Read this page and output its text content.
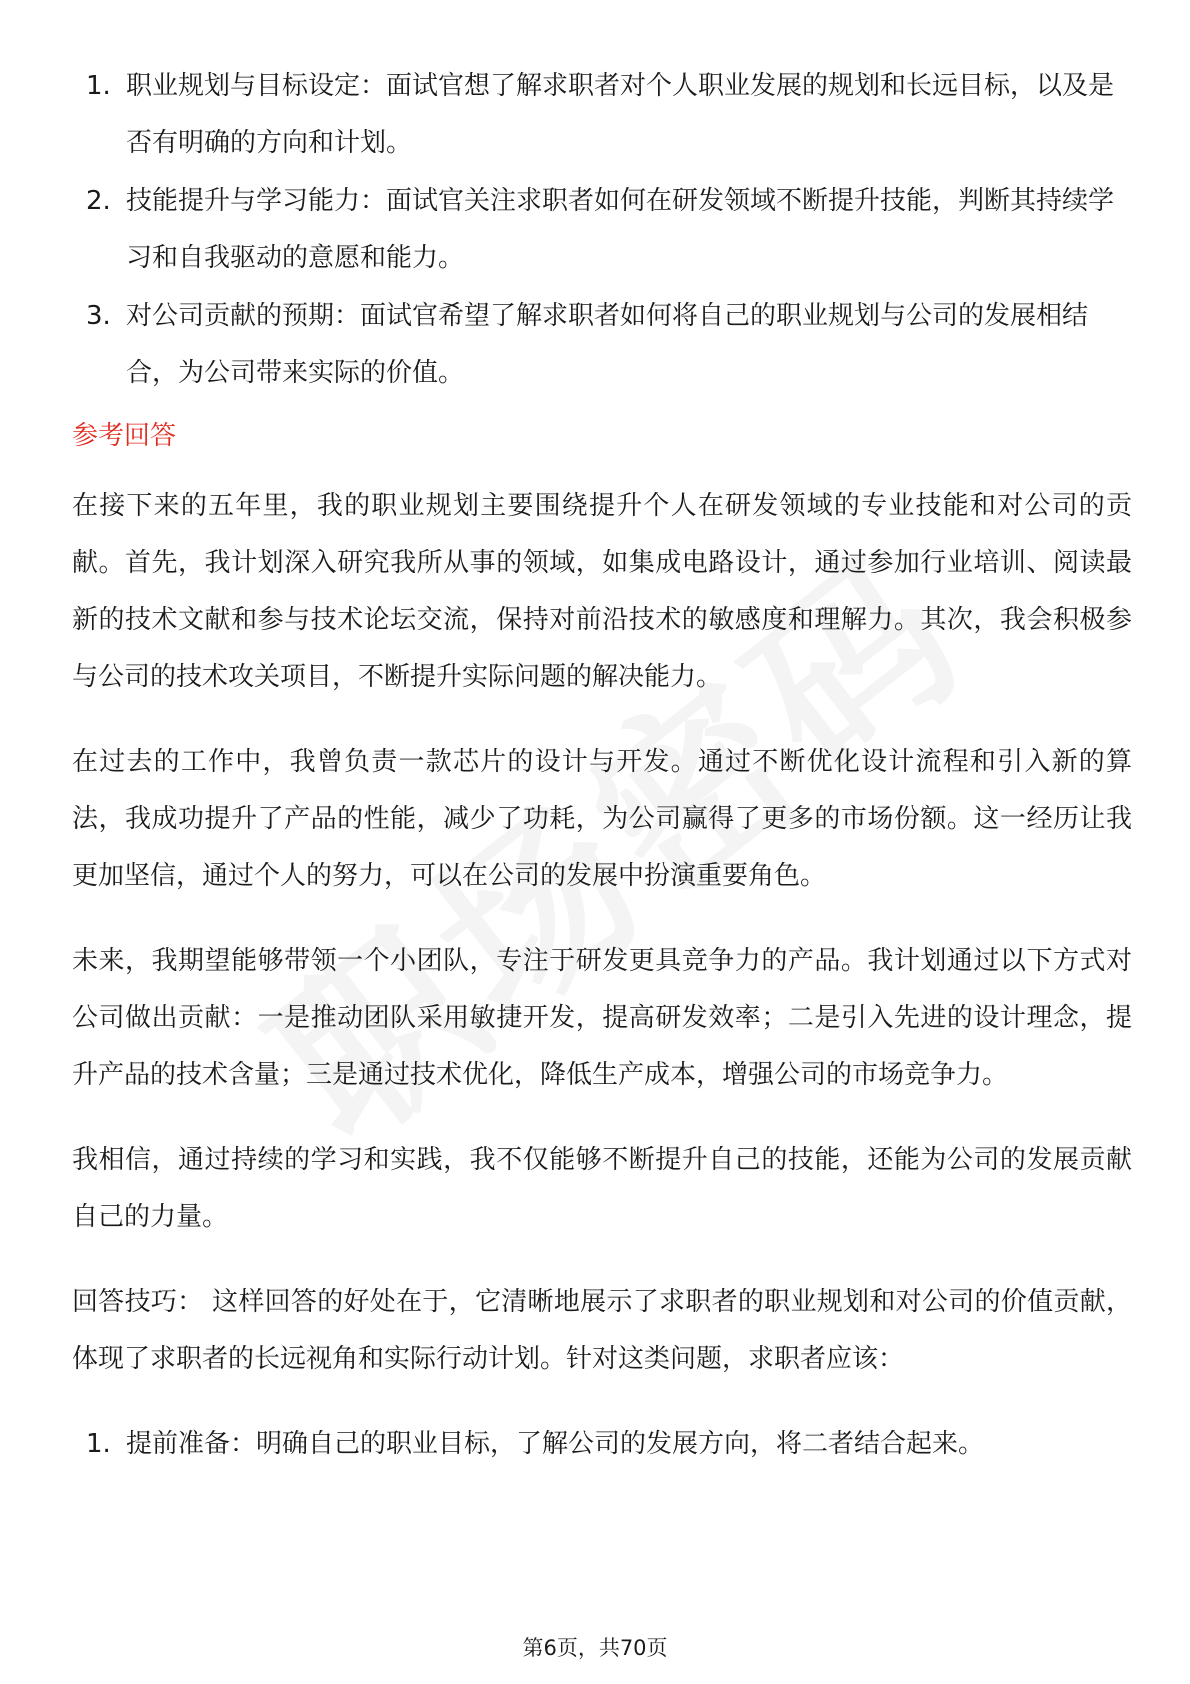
1. 职业规划与目标设定：面试官想了解求职者对个人职业发展的规划和长远目标，以及是否有明确的方向和计划。
2. 技能提升与学习能力：面试官关注求职者如何在研发领域不断提升技能，判断其持续学习和自我驱动的意愿和能力。
3. 对公司贡献的预期：面试官希望了解求职者如何将自己的职业规划与公司的发展相结合，为公司带来实际的价值。
参考回答

在接下来的五年里，我的职业规划主要围绕提升个人在研发领域的专业技能和对公司的贡献。首先，我计划深入研究我所从事的领域，如集成电路设计，通过参加行业培训、阅读最新的技术文献和参与技术论坛交流，保持对前沿技术的敏感度和理解力。其次，我会积极参与公司的技术攻关项目，不断提升实际问题的解决能力。

在过去的工作中，我曾负责一款芯片的设计与开发。通过不断优化设计流程和引入新的算法，我成功提升了产品的性能，减少了功耗，为公司赢得了更多的市场份额。这一经历让我更加坚信，通过个人的努力，可以在公司的发展中扮演重要角色。

未来，我期望能够带领一个小团队，专注于研发更具竞争力的产品。我计划通过以下方式对公司做出贡献：一是推动团队采用敏捷开发，提高研发效率；二是引入先进的设计理念，提升产品的技术含量；三是通过技术优化，降低生产成本，增强公司的市场竞争力。

我相信，通过持续的学习和实践，我不仅能够不断提升自己的技能，还能为公司的发展贡献自己的力量。

回答技巧： 这样回答的好处在于，它清晰地展示了求职者的职业规划和对公司的价值贡献，体现了求职者的长远视角和实际行动计划。针对这类问题，求职者应该：

1. 提前准备：明确自己的职业目标，了解公司的发展方向，将二者结合起来。
第6页，共70页
